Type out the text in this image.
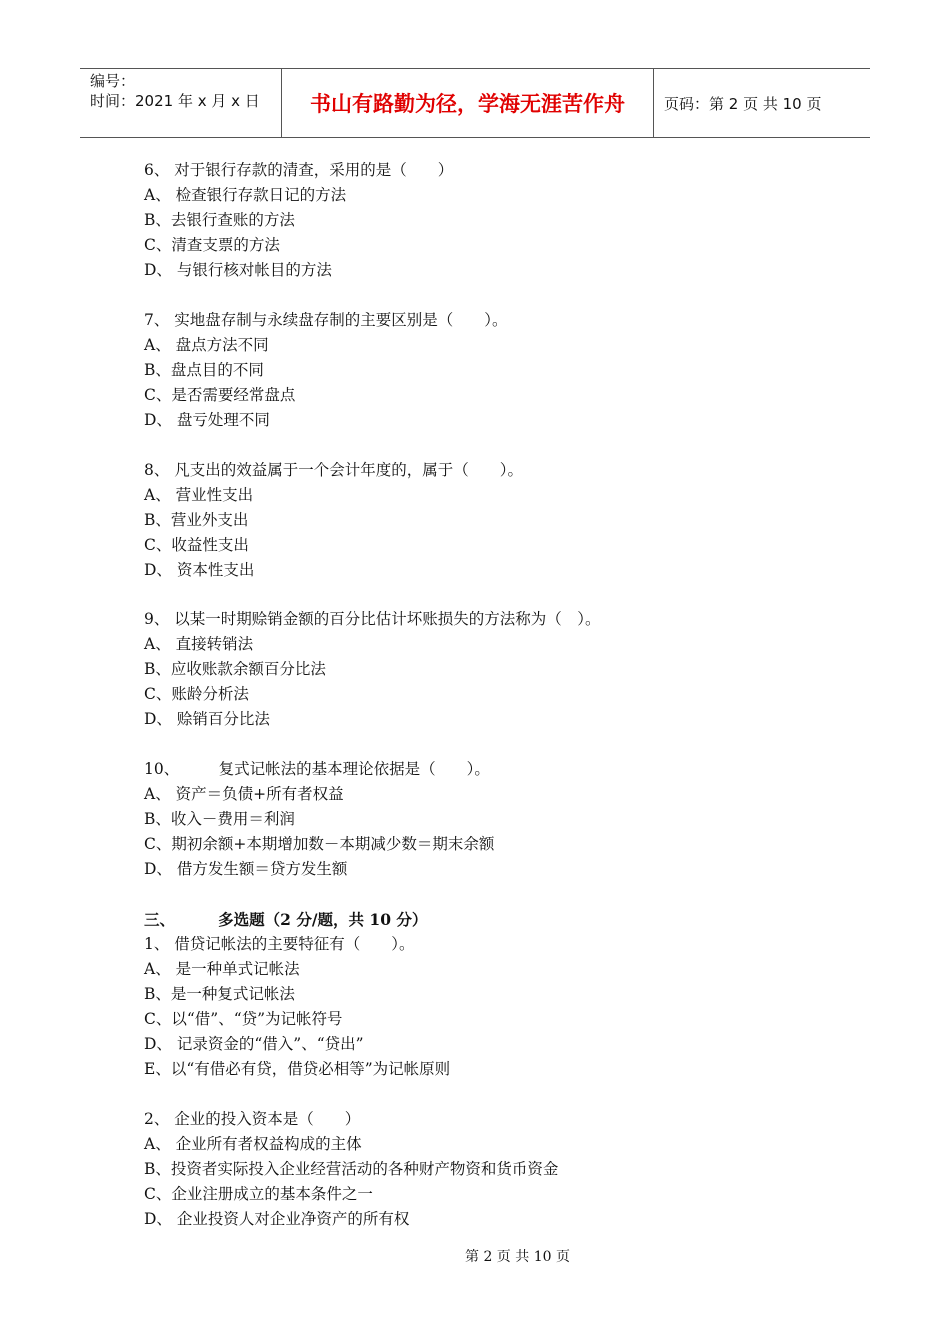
编号：
时间：2021 年 x 月 x 日	书山有路勤为径，学海无涯苦作舟	页码：第 2 页 共 10 页
6、 对于银行存款的清查，采用的是（　　）
A、 检查银行存款日记的方法
B、去银行查账的方法
C、清查支票的方法
D、 与银行核对帐目的方法
7、 实地盘存制与永续盘存制的主要区别是（　　）。
A、 盘点方法不同
B、盘点目的不同
C、是否需要经常盘点
D、 盘亏处理不同
8、 凡支出的效益属于一个会计年度的，属于（　　）。
A、 营业性支出
B、营业外支出
C、收益性支出
D、 资本性支出
9、 以某一时期赊销金额的百分比估计坏账损失的方法称为（　）。
A、 直接转销法
B、应收账款余额百分比法
C、账龄分析法
D、 赊销百分比法
10、        复式记帐法的基本理论依据是（　　）。
A、 资产＝负债+所有者权益
B、收入－费用＝利润
C、期初余额+本期增加数－本期减少数＝期末余额
D、 借方发生额＝贷方发生额
三、        多选题（2 分/题，共 10 分）
1、 借贷记帐法的主要特征有（　　）。
A、 是一种单式记帐法
B、是一种复式记帐法
C、以“借”、“贷”为记帐符号
D、 记录资金的“借入”、“贷出”
E、以“有借必有贷，借贷必相等”为记帐原则
2、 企业的投入资本是（　　）
A、 企业所有者权益构成的主体
B、投资者实际投入企业经营活动的各种财产物资和货币资金
C、企业注册成立的基本条件之一
D、 企业投资人对企业净资产的所有权
第 2 页 共 10 页
